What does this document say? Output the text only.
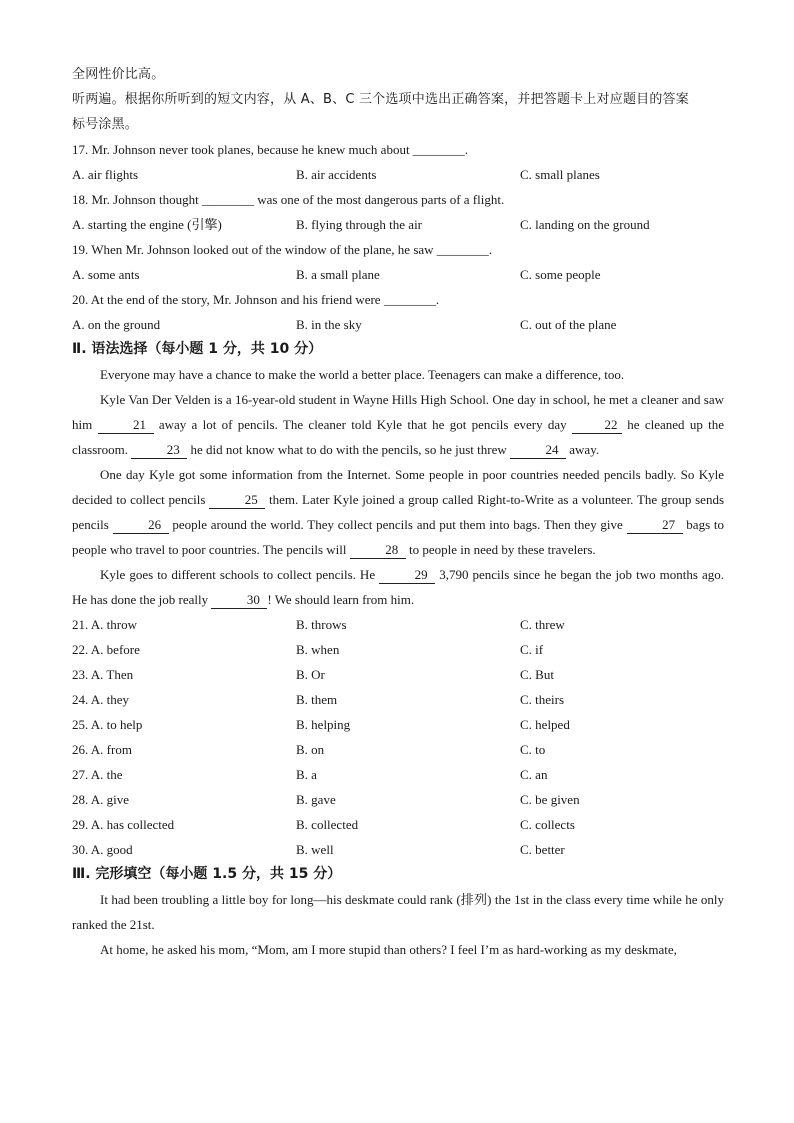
全网性价比高。
听两遍。根据你所听到的短文内容，从 A、B、C 三个选项中选出正确答案，并把答题卡上对应题目的答案
标号涂黑。
17. Mr. Johnson never took planes, because he knew much about ________.
A. air flights	B. air accidents	C. small planes
18. Mr. Johnson thought ________ was one of the most dangerous parts of a flight.
A. starting the engine (引擎)	B. flying through the air	C. landing on the ground
19. When Mr. Johnson looked out of the window of the plane, he saw ________.
A. some ants	B. a small plane	C. some people
20. At the end of the story, Mr. Johnson and his friend were ________.
A. on the ground	B. in the sky	C. out of the plane
Ⅱ. 语法选择（每小题 1 分，共 10 分）
Everyone may have a chance to make the world a better place. Teenagers can make a difference, too.
Kyle Van Der Velden is a 16-year-old student in Wayne Hills High School. One day in school, he met a cleaner and saw him	21 away a lot of pencils. The cleaner told Kyle that he got pencils every day	22 he cleaned up the classroom.	23 he did not know what to do with the pencils, so he just threw	24 away.
One day Kyle got some information from the Internet. Some people in poor countries needed pencils badly. So Kyle decided to collect pencils	25 them. Later Kyle joined a group called Right-to-Write as a volunteer. The group sends pencils	26 people around the world. They collect pencils and put them into bags. Then they give	27 bags to people who travel to poor countries. The pencils will	28 to people in need by these travelers.
Kyle goes to different schools to collect pencils. He	29 3,790 pencils since he began the job two months ago. He has done the job really	30 ! We should learn from him.
21. A. throw	B. throws	C. threw
22. A. before	B. when	C. if
23. A. Then	B. Or	C. But
24. A. they	B. them	C. theirs
25. A. to help	B. helping	C. helped
26. A. from	B. on	C. to
27. A. the	B. a	C. an
28. A. give	B. gave	C. be given
29. A. has collected	B. collected	C. collects
30. A. good	B. well	C. better
Ⅲ. 完形填空（每小题 1.5 分，共 15 分）
It had been troubling a little boy for long—his deskmate could rank (排列) the 1st in the class every time while he only ranked the 21st.
At home, he asked his mom, “Mom, am I more stupid than others? I feel I’m as hard-working as my deskmate,
